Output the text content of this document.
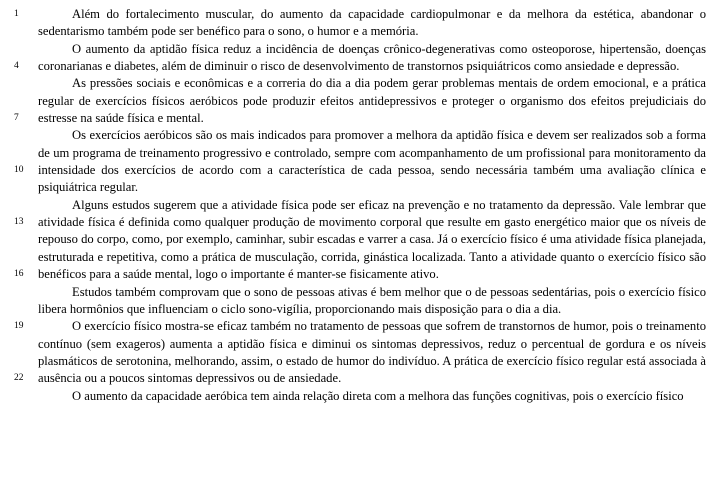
1
4
7
10
13
16
19
22

Além do fortalecimento muscular, do aumento da capacidade cardiopulmonar e da melhora da estética, abandonar o sedentarismo também pode ser benéfico para o sono, o humor e a memória.

O aumento da aptidão física reduz a incidência de doenças crônico-degenerativas como osteoporose, hipertensão, doenças coronarianas e diabetes, além de diminuir o risco de desenvolvimento de transtornos psiquiátricos como ansiedade e depressão.

As pressões sociais e econômicas e a correria do dia a dia podem gerar problemas mentais de ordem emocional, e a prática regular de exercícios físicos aeróbicos pode produzir efeitos antidepressivos e proteger o organismo dos efeitos prejudiciais do estresse na saúde física e mental.

Os exercícios aeróbicos são os mais indicados para promover a melhora da aptidão física e devem ser realizados sob a forma de um programa de treinamento progressivo e controlado, sempre com acompanhamento de um profissional para monitoramento da intensidade dos exercícios de acordo com a característica de cada pessoa, sendo necessária também uma avaliação clínica e psiquiátrica regular.

Alguns estudos sugerem que a atividade física pode ser eficaz na prevenção e no tratamento da depressão. Vale lembrar que atividade física é definida como qualquer produção de movimento corporal que resulte em gasto energético maior que os níveis de repouso do corpo, como, por exemplo, caminhar, subir escadas e varrer a casa. Já o exercício físico é uma atividade física planejada, estruturada e repetitiva, como a prática de musculação, corrida, ginástica localizada. Tanto a atividade quanto o exercício físico são benéficos para a saúde mental, logo o importante é manter-se fisicamente ativo.

Estudos também comprovam que o sono de pessoas ativas é bem melhor que o de pessoas sedentárias, pois o exercício físico libera hormônios que influenciam o ciclo sono-vigília, proporcionando mais disposição para o dia a dia.

O exercício físico mostra-se eficaz também no tratamento de pessoas que sofrem de transtornos de humor, pois o treinamento contínuo (sem exageros) aumenta a aptidão física e diminui os sintomas depressivos, reduz o percentual de gordura e os níveis plasmáticos de serotonina, melhorando, assim, o estado de humor do indivíduo. A prática de exercício físico regular está associada à ausência ou a poucos sintomas depressivos ou de ansiedade.

O aumento da capacidade aeróbica tem ainda relação direta com a melhora das funções cognitivas, pois o exercício físico
